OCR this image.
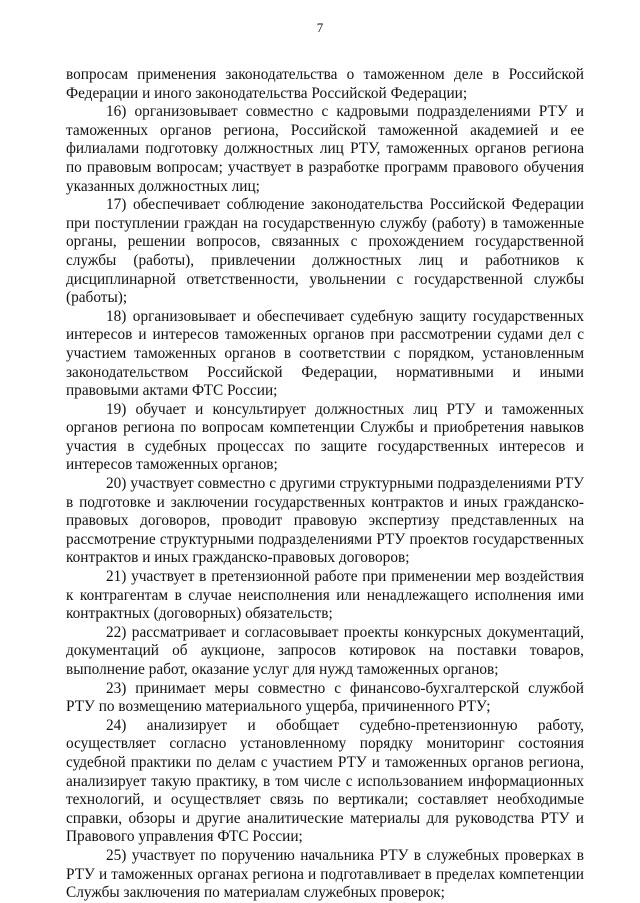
7

вопросам применения законодательства о таможенном деле в Российской Федерации и иного законодательства Российской Федерации;

16) организовывает совместно с кадровыми подразделениями РТУ и таможенных органов региона, Российской таможенной академией и ее филиалами подготовку должностных лиц РТУ, таможенных органов региона по правовым вопросам; участвует в разработке программ правового обучения указанных должностных лиц;

17) обеспечивает соблюдение законодательства Российской Федерации при поступлении граждан на государственную службу (работу) в таможенные органы, решении вопросов, связанных с прохождением государственной службы (работы), привлечении должностных лиц и работников к дисциплинарной ответственности, увольнении с государственной службы (работы);

18) организовывает и обеспечивает судебную защиту государственных интересов и интересов таможенных органов при рассмотрении судами дел с участием таможенных органов в соответствии с порядком, установленным законодательством Российской Федерации, нормативными и иными правовыми актами ФТС России;

19) обучает и консультирует должностных лиц РТУ и таможенных органов региона по вопросам компетенции Службы и приобретения навыков участия в судебных процессах по защите государственных интересов и интересов таможенных органов;

20) участвует совместно с другими структурными подразделениями РТУ в подготовке и заключении государственных контрактов и иных гражданско-правовых договоров, проводит правовую экспертизу представленных на рассмотрение структурными подразделениями РТУ проектов государственных контрактов и иных гражданско-правовых договоров;

21) участвует в претензионной работе при применении мер воздействия к контрагентам в случае неисполнения или ненадлежащего исполнения ими контрактных (договорных) обязательств;

22) рассматривает и согласовывает проекты конкурсных документаций, документаций об аукционе, запросов котировок на поставки товаров, выполнение работ, оказание услуг для нужд таможенных органов;

23) принимает меры совместно с финансово-бухгалтерской службой РТУ по возмещению материального ущерба, причиненного РТУ;

24) анализирует и обобщает судебно-претензионную работу, осуществляет согласно установленному порядку мониторинг состояния судебной практики по делам с участием РТУ и таможенных органов региона, анализирует такую практику, в том числе с использованием информационных технологий, и осуществляет связь по вертикали; составляет необходимые справки, обзоры и другие аналитические материалы для руководства РТУ и Правового управления ФТС России;

25) участвует по поручению начальника РТУ в служебных проверках в РТУ и таможенных органах региона и подготавливает в пределах компетенции Службы заключения по материалам служебных проверок;
